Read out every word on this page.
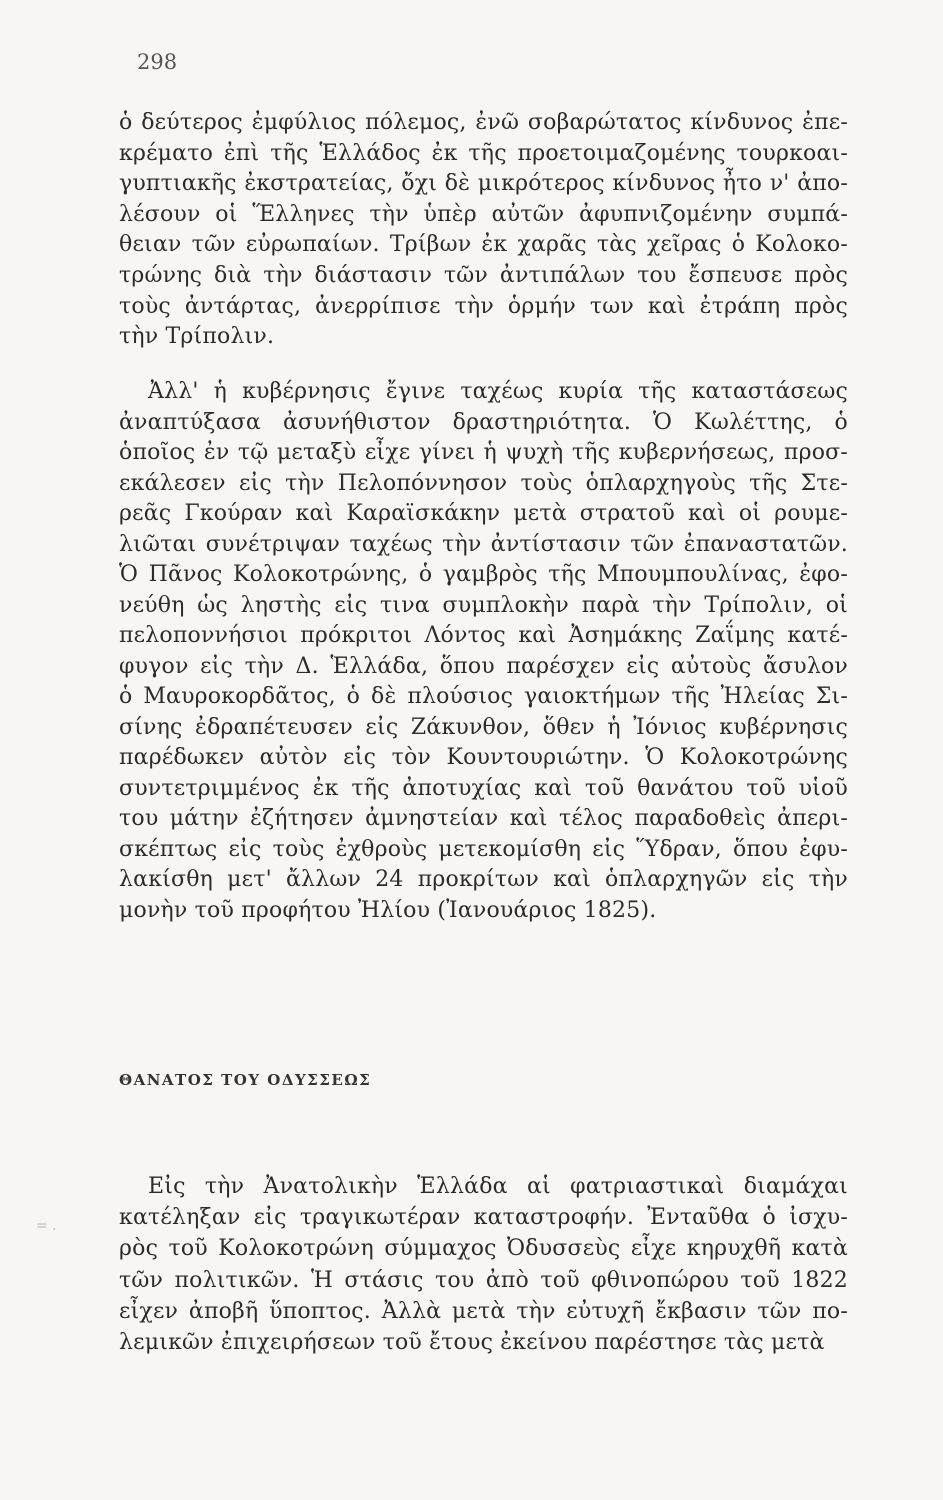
298
ὁ δεύτερος ἐμφύλιος πόλεμος, ἐνῶ σοβαρώτατος κίνδυνος ἐπε-
κρέματο ἐπὶ τῆς Ἑλλάδος ἐκ τῆς προετοιμαζομένης τουρκοαι-
γυπτιακῆς ἐκστρατείας, ὄχι δὲ μικρότερος κίνδυνος ἦτο ν' ἀπο-
λέσουν οἱ Ἕλληνες τὴν ὑπὲρ αὐτῶν ἀφυπνιζομένην συμπά-
θειαν τῶν εὐρωπαίων. Τρίβων ἐκ χαρᾶς τὰς χεῖρας ὁ Κολοκο-
τρώνης διὰ τὴν διάστασιν τῶν ἀντιπάλων του ἔσπευσε πρὸς
τοὺς ἀντάρτας, ἀνερρίπισε τὴν ὁρμήν των καὶ ἐτράπη πρὸς
τὴν Τρίπολιν.
Ἀλλ' ἡ κυβέρνησις ἔγινε ταχέως κυρία τῆς καταστάσεως
ἀναπτύξασα ἀσυνήθιστον δραστηριότητα. Ὁ Κωλέττης, ὁ
ὁποῖος ἐν τῷ μεταξὺ εἶχε γίνει ἡ ψυχὴ τῆς κυβερνήσεως, προσ-
εκάλεσεν εἰς τὴν Πελοπόννησον τοὺς ὁπλαρχηγοὺς τῆς Στε-
ρεᾶς Γκούραν καὶ Καραϊσκάκην μετὰ στρατοῦ καὶ οἱ ρουμε-
λιῶται συνέτριψαν ταχέως τὴν ἀντίστασιν τῶν ἐπαναστατῶν.
Ὁ Πᾶνος Κολοκοτρώνης, ὁ γαμβρὸς τῆς Μπουμπουλίνας, ἐφο-
νεύθη ὡς ληστὴς εἰς τινα συμπλοκὴν παρὰ τὴν Τρίπολιν, οἱ
πελοποννήσιοι πρόκριτοι Λόντος καὶ Ἀσημάκης Ζαΐμης κατέ-
φυγον εἰς τὴν Δ. Ἑλλάδα, ὅπου παρέσχεν εἰς αὐτοὺς ἄσυλον
ὁ Μαυροκορδᾶτος, ὁ δὲ πλούσιος γαιοκτήμων τῆς Ἠλείας Σι-
σίνης ἐδραπέτευσεν εἰς Ζάκυνθον, ὅθεν ἡ Ἰόνιος κυβέρνησις
παρέδωκεν αὐτὸν εἰς τὸν Κουντουριώτην. Ὁ Κολοκοτρώνης
συντετριμμένος ἐκ τῆς ἀποτυχίας καὶ τοῦ θανάτου τοῦ υἱοῦ
του μάτην ἐζήτησεν ἀμνηστείαν καὶ τέλος παραδοθεὶς ἀπερι-
σκέπτως εἰς τοὺς ἐχθροὺς μετεκομίσθη εἰς Ὕδραν, ὅπου ἐφυ-
λακίσθη μετ' ἄλλων 24 προκρίτων καὶ ὁπλαρχηγῶν εἰς τὴν
μονὴν τοῦ προφήτου Ἠλίου (Ἰανουάριος 1825).
ΘΑΝΑΤΟΣ ΤΟΥ ΟΔΥΣΣΕΩΣ
= .
Εἰς τὴν Ἀνατολικὴν Ἑλλάδα αἱ φατριαστικαὶ διαμάχαι
κατέληξαν εἰς τραγικωτέραν καταστροφήν. Ἐνταῦθα ὁ ἰσχυ-
ρὸς τοῦ Κολοκοτρώνη σύμμαχος Ὀδυσσεὺς εἶχε κηρυχθῆ κατὰ
τῶν πολιτικῶν. Ἡ στάσις του ἀπὸ τοῦ φθινοπώρου τοῦ 1822
εἶχεν ἀποβῆ ὕποπτος. Ἀλλὰ μετὰ τὴν εὐτυχῆ ἔκβασιν τῶν πο-
λεμικῶν ἐπιχειρήσεων τοῦ ἔτους ἐκείνου παρέστησε τὰς μετὰ
